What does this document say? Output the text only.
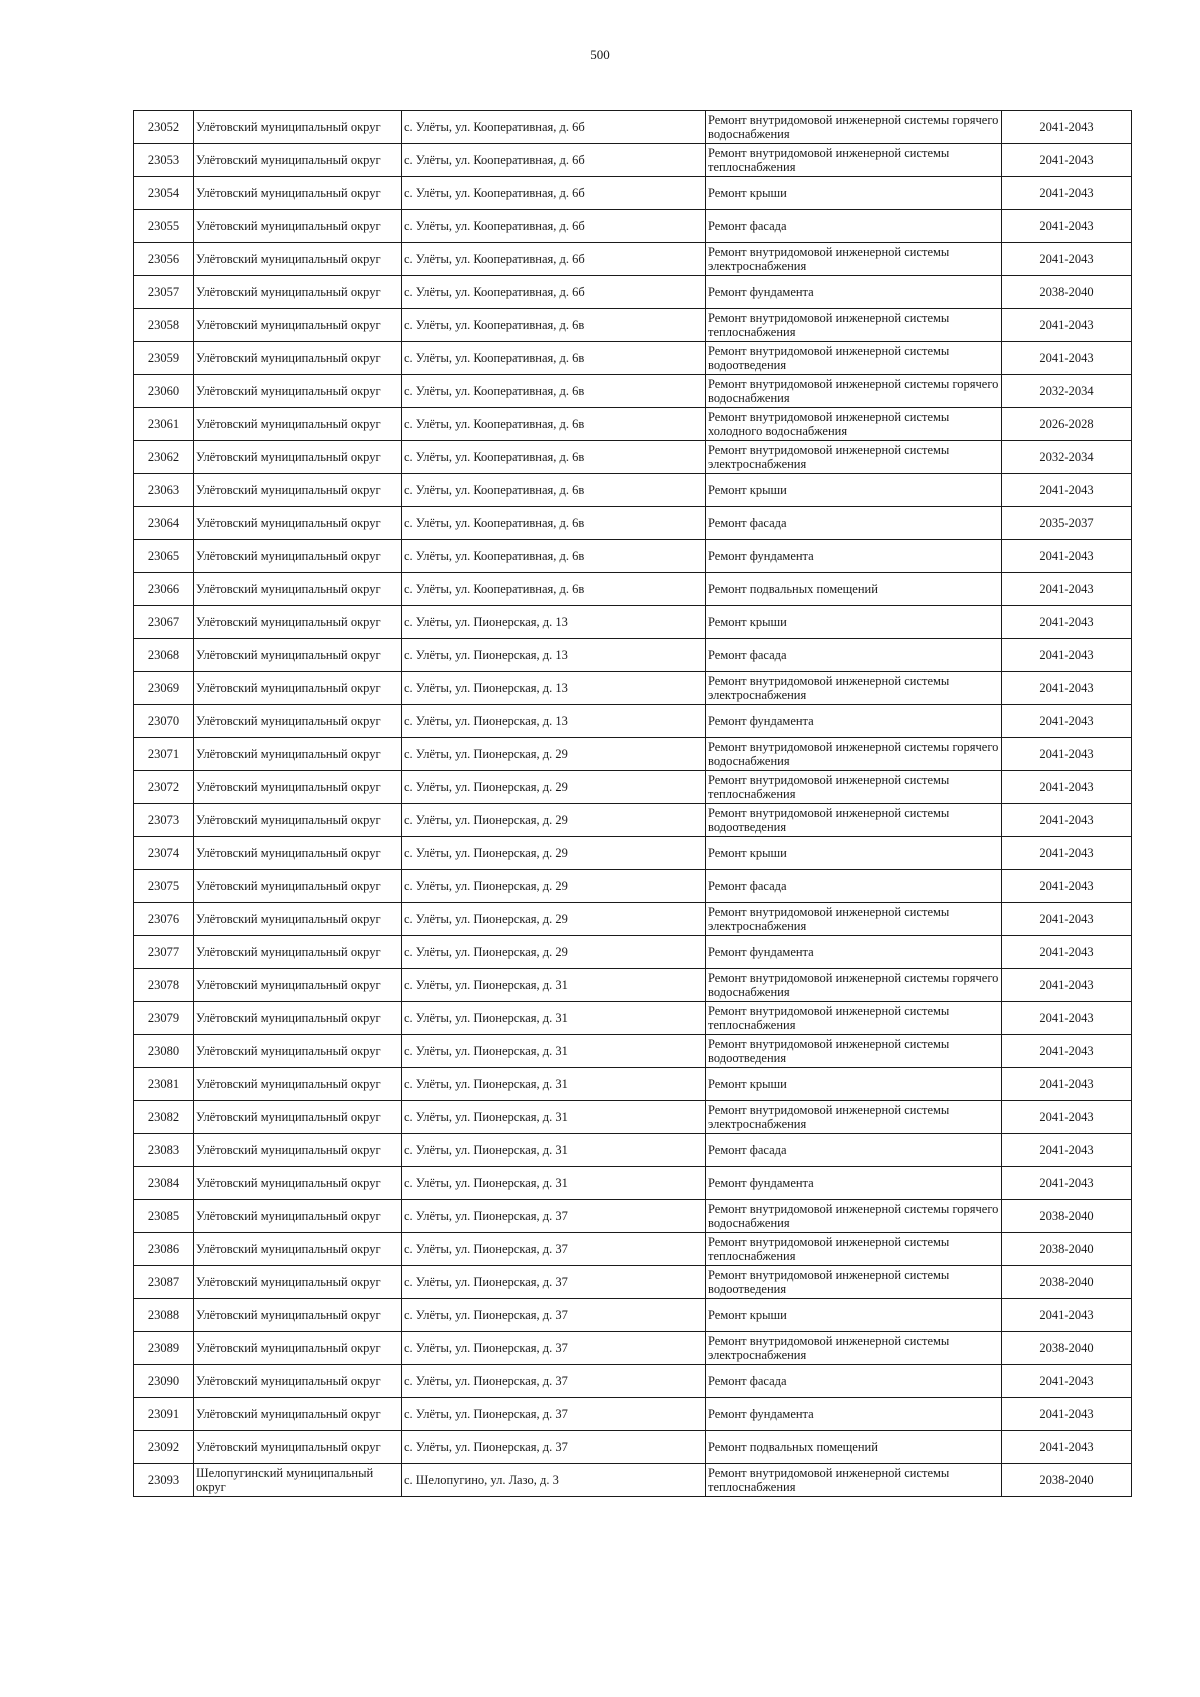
500
23052	Улётовский муниципальный округ	с. Улёты, ул. Кооперативная, д. 6б	Ремонт внутридомовой инженерной системы горячего водоснабжения	2041-2043
23053	Улётовский муниципальный округ	с. Улёты, ул. Кооперативная, д. 6б	Ремонт внутридомовой инженерной системы теплоснабжения	2041-2043
23054	Улётовский муниципальный округ	с. Улёты, ул. Кооперативная, д. 6б	Ремонт крыши	2041-2043
23055	Улётовский муниципальный округ	с. Улёты, ул. Кооперативная, д. 6б	Ремонт фасада	2041-2043
23056	Улётовский муниципальный округ	с. Улёты, ул. Кооперативная, д. 6б	Ремонт внутридомовой инженерной системы электроснабжения	2041-2043
23057	Улётовский муниципальный округ	с. Улёты, ул. Кооперативная, д. 6б	Ремонт фундамента	2038-2040
23058	Улётовский муниципальный округ	с. Улёты, ул. Кооперативная, д. 6в	Ремонт внутридомовой инженерной системы теплоснабжения	2041-2043
23059	Улётовский муниципальный округ	с. Улёты, ул. Кооперативная, д. 6в	Ремонт внутридомовой инженерной системы водоотведения	2041-2043
23060	Улётовский муниципальный округ	с. Улёты, ул. Кооперативная, д. 6в	Ремонт внутридомовой инженерной системы горячего водоснабжения	2032-2034
23061	Улётовский муниципальный округ	с. Улёты, ул. Кооперативная, д. 6в	Ремонт внутридомовой инженерной системы холодного водоснабжения	2026-2028
23062	Улётовский муниципальный округ	с. Улёты, ул. Кооперативная, д. 6в	Ремонт внутридомовой инженерной системы электроснабжения	2032-2034
23063	Улётовский муниципальный округ	с. Улёты, ул. Кооперативная, д. 6в	Ремонт крыши	2041-2043
23064	Улётовский муниципальный округ	с. Улёты, ул. Кооперативная, д. 6в	Ремонт фасада	2035-2037
23065	Улётовский муниципальный округ	с. Улёты, ул. Кооперативная, д. 6в	Ремонт фундамента	2041-2043
23066	Улётовский муниципальный округ	с. Улёты, ул. Кооперативная, д. 6в	Ремонт подвальных помещений	2041-2043
23067	Улётовский муниципальный округ	с. Улёты, ул. Пионерская, д. 13	Ремонт крыши	2041-2043
23068	Улётовский муниципальный округ	с. Улёты, ул. Пионерская, д. 13	Ремонт фасада	2041-2043
23069	Улётовский муниципальный округ	с. Улёты, ул. Пионерская, д. 13	Ремонт внутридомовой инженерной системы электроснабжения	2041-2043
23070	Улётовский муниципальный округ	с. Улёты, ул. Пионерская, д. 13	Ремонт фундамента	2041-2043
23071	Улётовский муниципальный округ	с. Улёты, ул. Пионерская, д. 29	Ремонт внутридомовой инженерной системы горячего водоснабжения	2041-2043
23072	Улётовский муниципальный округ	с. Улёты, ул. Пионерская, д. 29	Ремонт внутридомовой инженерной системы теплоснабжения	2041-2043
23073	Улётовский муниципальный округ	с. Улёты, ул. Пионерская, д. 29	Ремонт внутридомовой инженерной системы водоотведения	2041-2043
23074	Улётовский муниципальный округ	с. Улёты, ул. Пионерская, д. 29	Ремонт крыши	2041-2043
23075	Улётовский муниципальный округ	с. Улёты, ул. Пионерская, д. 29	Ремонт фасада	2041-2043
23076	Улётовский муниципальный округ	с. Улёты, ул. Пионерская, д. 29	Ремонт внутридомовой инженерной системы электроснабжения	2041-2043
23077	Улётовский муниципальный округ	с. Улёты, ул. Пионерская, д. 29	Ремонт фундамента	2041-2043
23078	Улётовский муниципальный округ	с. Улёты, ул. Пионерская, д. 31	Ремонт внутридомовой инженерной системы горячего водоснабжения	2041-2043
23079	Улётовский муниципальный округ	с. Улёты, ул. Пионерская, д. 31	Ремонт внутридомовой инженерной системы теплоснабжения	2041-2043
23080	Улётовский муниципальный округ	с. Улёты, ул. Пионерская, д. 31	Ремонт внутридомовой инженерной системы водоотведения	2041-2043
23081	Улётовский муниципальный округ	с. Улёты, ул. Пионерская, д. 31	Ремонт крыши	2041-2043
23082	Улётовский муниципальный округ	с. Улёты, ул. Пионерская, д. 31	Ремонт внутридомовой инженерной системы электроснабжения	2041-2043
23083	Улётовский муниципальный округ	с. Улёты, ул. Пионерская, д. 31	Ремонт фасада	2041-2043
23084	Улётовский муниципальный округ	с. Улёты, ул. Пионерская, д. 31	Ремонт фундамента	2041-2043
23085	Улётовский муниципальный округ	с. Улёты, ул. Пионерская, д. 37	Ремонт внутридомовой инженерной системы горячего водоснабжения	2038-2040
23086	Улётовский муниципальный округ	с. Улёты, ул. Пионерская, д. 37	Ремонт внутридомовой инженерной системы теплоснабжения	2038-2040
23087	Улётовский муниципальный округ	с. Улёты, ул. Пионерская, д. 37	Ремонт внутридомовой инженерной системы водоотведения	2038-2040
23088	Улётовский муниципальный округ	с. Улёты, ул. Пионерская, д. 37	Ремонт крыши	2041-2043
23089	Улётовский муниципальный округ	с. Улёты, ул. Пионерская, д. 37	Ремонт внутридомовой инженерной системы электроснабжения	2038-2040
23090	Улётовский муниципальный округ	с. Улёты, ул. Пионерская, д. 37	Ремонт фасада	2041-2043
23091	Улётовский муниципальный округ	с. Улёты, ул. Пионерская, д. 37	Ремонт фундамента	2041-2043
23092	Улётовский муниципальный округ	с. Улёты, ул. Пионерская, д. 37	Ремонт подвальных помещений	2041-2043
23093	Шелопугинский муниципальный округ	с. Шелопугино, ул. Лазо, д. 3	Ремонт внутридомовой инженерной системы теплоснабжения	2038-2040
